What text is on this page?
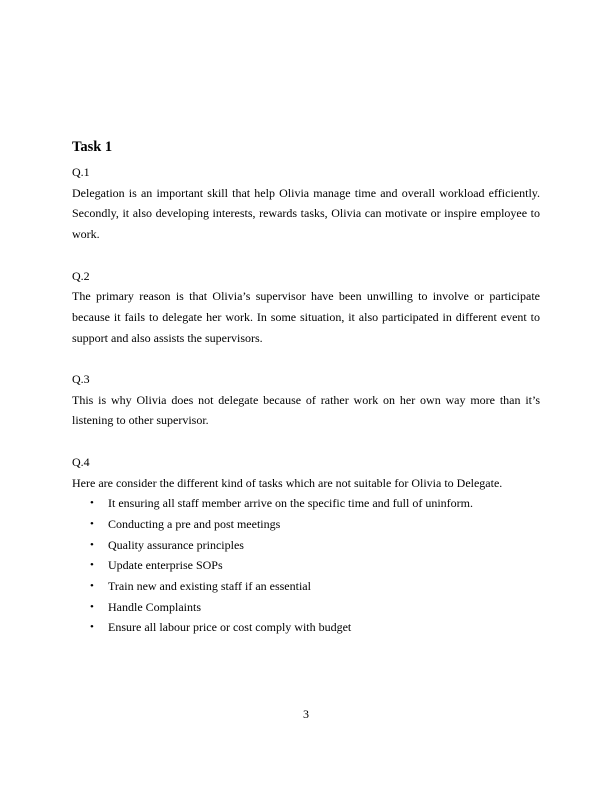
Task 1
Q.1

Delegation is an important skill that help Olivia manage time and overall workload efficiently. Secondly, it also developing interests, rewards tasks, Olivia can motivate or inspire employee to work.

Q.2

The primary reason is that Olivia’s supervisor have been unwilling to involve or participate because it fails to delegate her work. In some situation, it also participated in different event to support and also assists the supervisors.

Q.3

This is why Olivia does not delegate because of rather work on her own way more than it’s listening to other supervisor.

Q.4

Here are consider the different kind of tasks which are not suitable for Olivia to Delegate.

• It ensuring all staff member arrive on the specific time and full of uninform.
• Conducting a pre and post meetings
• Quality assurance principles
• Update enterprise SOPs
• Train new and existing staff if an essential
• Handle Complaints
• Ensure all labour price or cost comply with budget
3
